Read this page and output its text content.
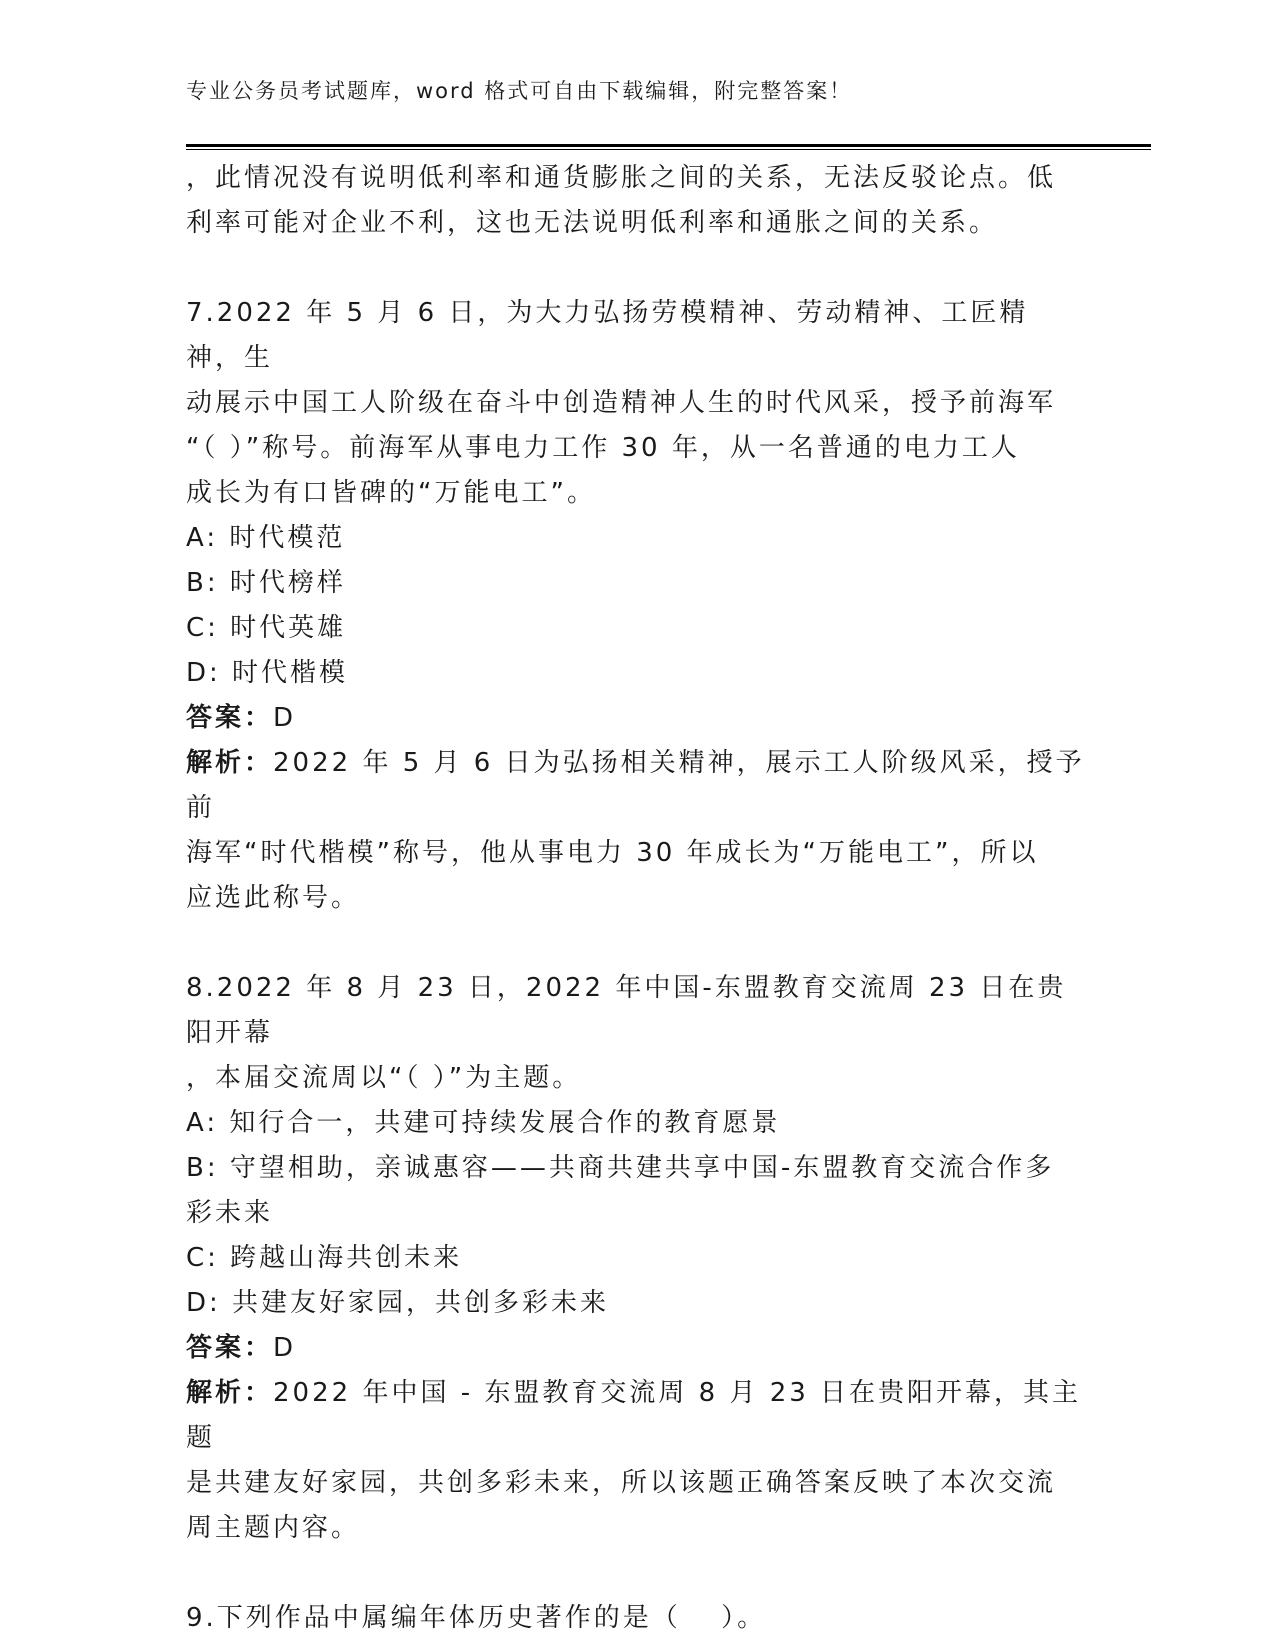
专业公务员考试题库，word 格式可自由下载编辑，附完整答案！

，此情况没有说明低利率和通货膨胀之间的关系，无法反驳论点。低

利率可能对企业不利，这也无法说明低利率和通胀之间的关系。

7.2022 年 5 月 6 日，为大力弘扬劳模精神、劳动精神、工匠精神，生

动展示中国工人阶级在奋斗中创造精神人生的时代风采，授予前海军

“（ ）”称号。前海军从事电力工作 30 年，从一名普通的电力工人

成长为有口皆碑的“万能电工”。

A: 时代模范

B: 时代榜样

C: 时代英雄

D: 时代楷模

答案：D

解析：2022 年 5 月 6 日为弘扬相关精神，展示工人阶级风采，授予前

海军“时代楷模”称号，他从事电力 30 年成长为“万能电工”，所以

应选此称号。

8.2022 年 8 月 23 日，2022 年中国-东盟教育交流周 23 日在贵阳开幕

，本届交流周以“（ ）”为主题。

A: 知行合一，共建可持续发展合作的教育愿景

B: 守望相助，亲诚惠容——共商共建共享中国-东盟教育交流合作多

彩未来

C: 跨越山海共创未来

D: 共建友好家园，共创多彩未来

答案：D

解析：2022 年中国 - 东盟教育交流周 8 月 23 日在贵阳开幕，其主题

是共建友好家园，共创多彩未来，所以该题正确答案反映了本次交流

周主题内容。

9.下列作品中属编年体历史著作的是（　 ）。
